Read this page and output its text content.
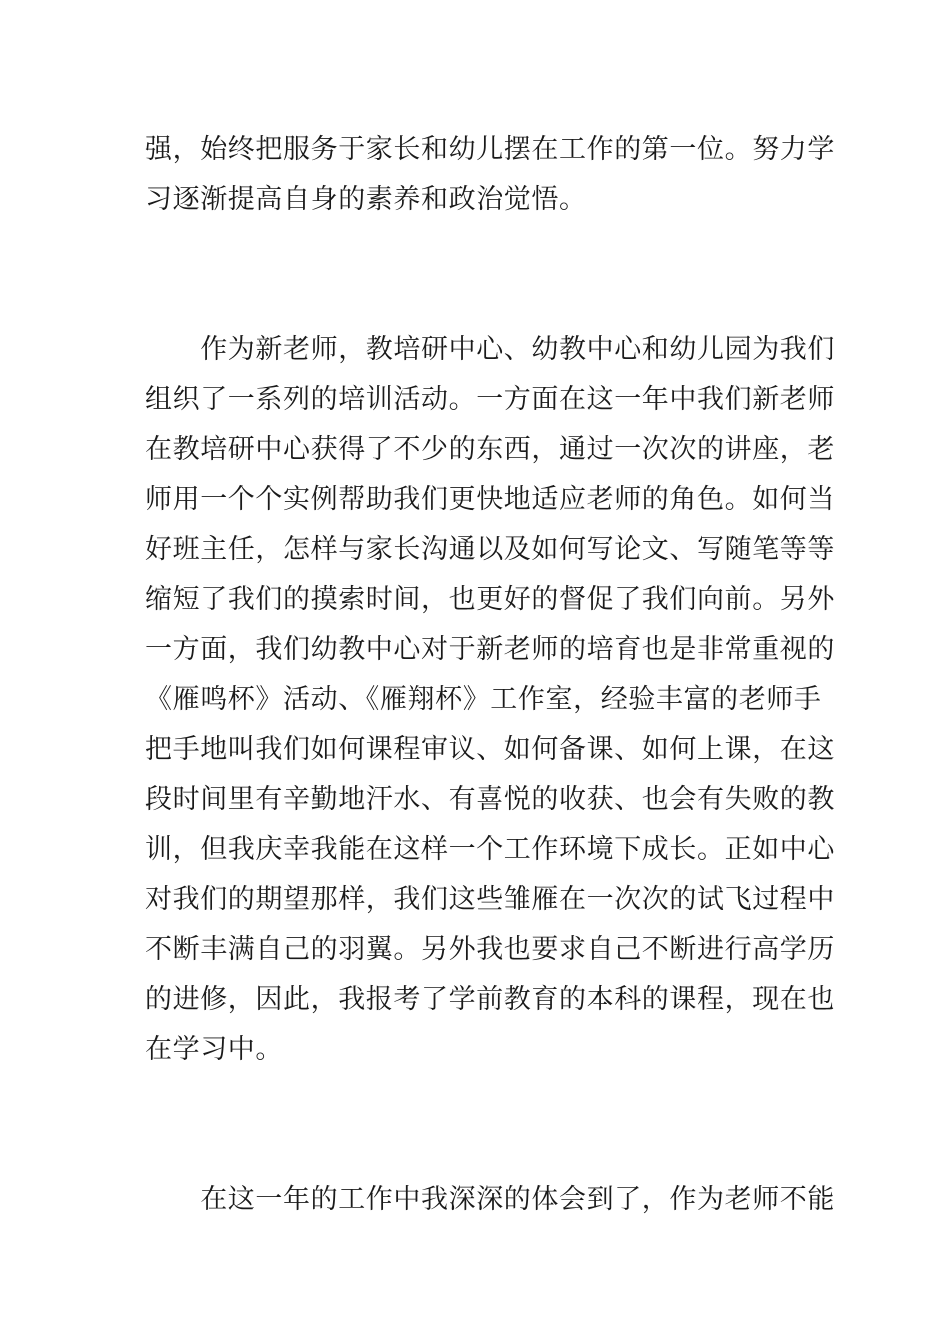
强，始终把服务于家长和幼儿摆在工作的第一位。努力学
习逐渐提高自身的素养和政治觉悟。
　　作为新老师，教培研中心、幼教中心和幼儿园为我们
组织了一系列的培训活动。一方面在这一年中我们新老师
在教培研中心获得了不少的东西，通过一次次的讲座，老
师用一个个实例帮助我们更快地适应老师的角色。如何当
好班主任，怎样与家长沟通以及如何写论文、写随笔等等
缩短了我们的摸索时间，也更好的督促了我们向前。另外
一方面，我们幼教中心对于新老师的培育也是非常重视的
《雁鸣杯》活动、《雁翔杯》工作室，经验丰富的老师手
把手地叫我们如何课程审议、如何备课、如何上课，在这
段时间里有辛勤地汗水、有喜悦的收获、也会有失败的教
训，但我庆幸我能在这样一个工作环境下成长。正如中心
对我们的期望那样，我们这些雏雁在一次次的试飞过程中
不断丰满自己的羽翼。另外我也要求自己不断进行高学历
的进修，因此，我报考了学前教育的本科的课程，现在也
在学习中。
　　在这一年的工作中我深深的体会到了，作为老师不能
